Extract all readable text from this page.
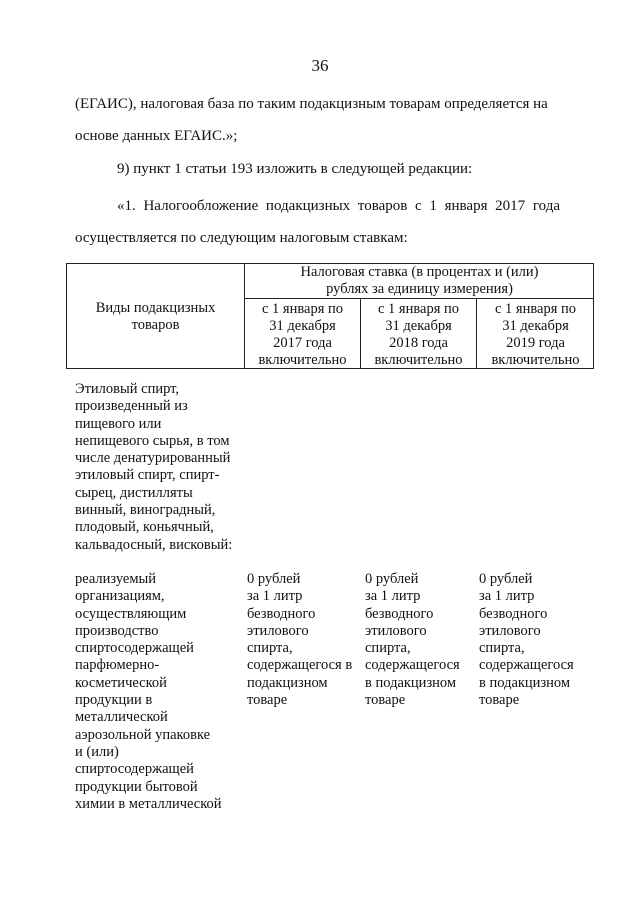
36
(ЕГАИС), налоговая база по таким подакцизным товарам определяется на
основе данных ЕГАИС.»;
9) пункт 1 статьи 193 изложить в следующей редакции:
«1. Налогообложение подакцизных товаров с 1 января 2017 года
осуществляется по следующим налоговым ставкам:
Виды подакцизных
товаров
Налоговая ставка (в процентах и (или)
рублях за единицу измерения)
с 1 января по
31 декабря
2017 года
включительно
с 1 января по
31 декабря
2018 года
включительно
с 1 января по
31 декабря
2019 года
включительно
Этиловый спирт,
произведенный из
пищевого или
непищевого сырья, в том
числе денатурированный
этиловый спирт, спирт-
сырец, дистилляты
винный, виноградный,
плодовый, коньячный,
кальвадосный, висковый:
реализуемый
организациям,
осуществляющим
производство
спиртосодержащей
парфюмерно-
косметической
продукции в
металлической
аэрозольной упаковке
и (или)
спиртосодержащей
продукции бытовой
химии в металлической
0 рублей
за 1 литр
безводного
этилового
спирта,
содержащегося в
подакцизном
товаре
0 рублей
за 1 литр
безводного
этилового
спирта,
содержащегося
в подакцизном
товаре
0 рублей
за 1 литр
безводного
этилового
спирта,
содержащегося
в подакцизном
товаре
